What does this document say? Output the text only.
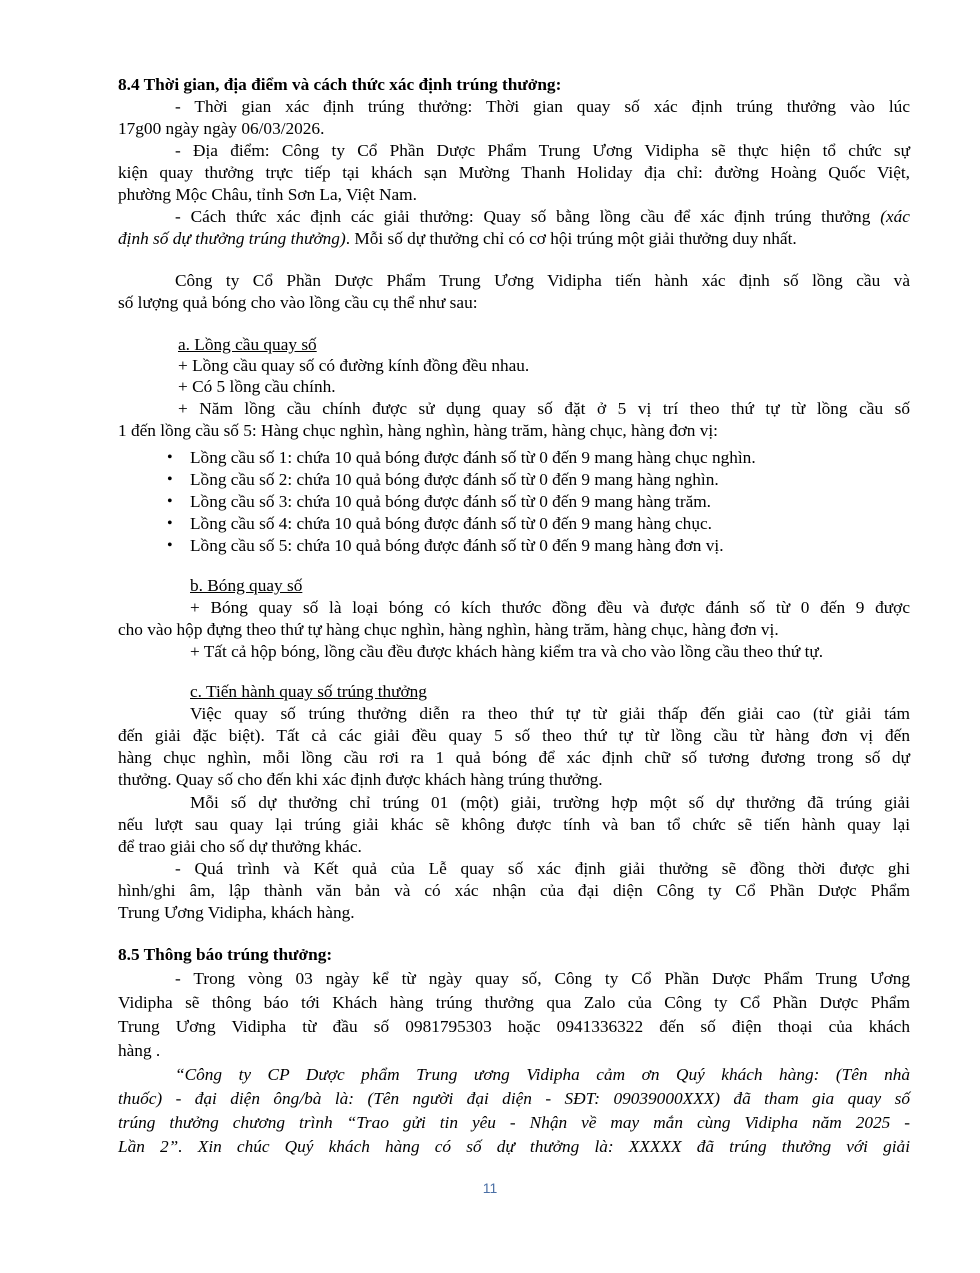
8.4 Thời gian, địa điểm và cách thức xác định trúng thưởng:

- Thời gian xác định trúng thưởng: Thời gian quay số xác định trúng thưởng vào lúc

17g00 ngày ngày 06/03/2026.

- Địa điểm: Công ty Cổ Phần Dược Phẩm Trung Ương Vidipha sẽ thực hiện tổ chức sự

kiện quay thưởng trực tiếp tại khách sạn Mường Thanh Holiday địa chỉ: đường Hoàng Quốc Việt,

phường Mộc Châu, tỉnh Sơn La, Việt Nam.

- Cách thức xác định các giải thưởng: Quay số bằng lồng cầu để xác định trúng thưởng (xác

định số dự thưởng trúng thưởng). Mỗi số dự thưởng chỉ có cơ hội trúng một giải thưởng duy nhất.

Công ty Cổ Phần Dược Phẩm Trung Ương Vidipha tiến hành xác định số lồng cầu và

số lượng quả bóng cho vào lồng cầu cụ thể như sau:

a. Lồng cầu quay số

+ Lồng cầu quay số có đường kính đồng đều nhau.

+ Có 5 lồng cầu chính.

+ Năm lồng cầu chính được sử dụng quay số đặt ở 5 vị trí theo thứ tự từ lồng cầu số

1 đến lồng cầu số 5: Hàng chục nghìn, hàng nghìn, hàng trăm, hàng chục, hàng đơn vị:

• Lồng cầu số 1: chứa 10 quả bóng được đánh số từ 0 đến 9 mang hàng chục nghìn.

• Lồng cầu số 2: chứa 10 quả bóng được đánh số từ 0 đến 9 mang hàng nghìn.

• Lồng cầu số 3: chứa 10 quả bóng được đánh số từ 0 đến 9 mang hàng trăm.

• Lồng cầu số 4: chứa 10 quả bóng được đánh số từ 0 đến 9 mang hàng chục.

• Lồng cầu số 5: chứa 10 quả bóng được đánh số từ 0 đến 9 mang hàng đơn vị.

b. Bóng quay số

+ Bóng quay số là loại bóng có kích thước đồng đều và được đánh số từ 0 đến 9 được

cho vào hộp đựng theo thứ tự hàng chục nghìn, hàng nghìn, hàng trăm, hàng chục, hàng đơn vị.

+ Tất cả hộp bóng, lồng cầu đều được khách hàng kiểm tra và cho vào lồng cầu theo thứ tự.

c. Tiến hành quay số trúng thưởng

Việc quay số trúng thưởng diễn ra theo thứ tự từ giải thấp đến giải cao (từ giải tám

đến giải đặc biệt). Tất cả các giải đều quay 5 số theo thứ tự từ lồng cầu từ hàng đơn vị đến

hàng chục nghìn, mỗi lồng cầu rơi ra 1 quả bóng để xác định chữ số tương đương trong số dự

thưởng. Quay số cho đến khi xác định được khách hàng trúng thưởng.

Mỗi số dự thưởng chỉ trúng 01 (một) giải, trường hợp một số dự thưởng đã trúng giải

nếu lượt sau quay lại trúng giải khác sẽ không được tính và ban tổ chức sẽ tiến hành quay lại

để trao giải cho số dự thưởng khác.

- Quá trình và Kết quả của Lễ quay số xác định giải thưởng sẽ đồng thời được ghi

hình/ghi âm, lập thành văn bản và có xác nhận của đại diện Công ty Cổ Phần Dược Phẩm

Trung Ương Vidipha, khách hàng.

8.5 Thông báo trúng thưởng:

- Trong vòng 03 ngày kể từ ngày quay số, Công ty Cổ Phần Dược Phẩm Trung Ương

Vidipha sẽ thông báo tới Khách hàng trúng thưởng qua Zalo của Công ty Cổ Phần Dược Phẩm

Trung Ương Vidipha từ đầu số 0981795303 hoặc 0941336322 đến số điện thoại của khách

hàng .

“Công ty CP Dược phẩm Trung ương Vidipha cảm ơn Quý khách hàng: (Tên nhà

thuốc) - đại diện ông/bà là: (Tên người đại diện - SĐT: 09039000XXX) đã tham gia quay số

trúng thưởng chương trình “Trao gửi tin yêu - Nhận về may mắn cùng Vidipha năm 2025 -

Lần 2”. Xin chúc Quý khách hàng có số dự thưởng là: XXXXX đã trúng thưởng với giải

11
